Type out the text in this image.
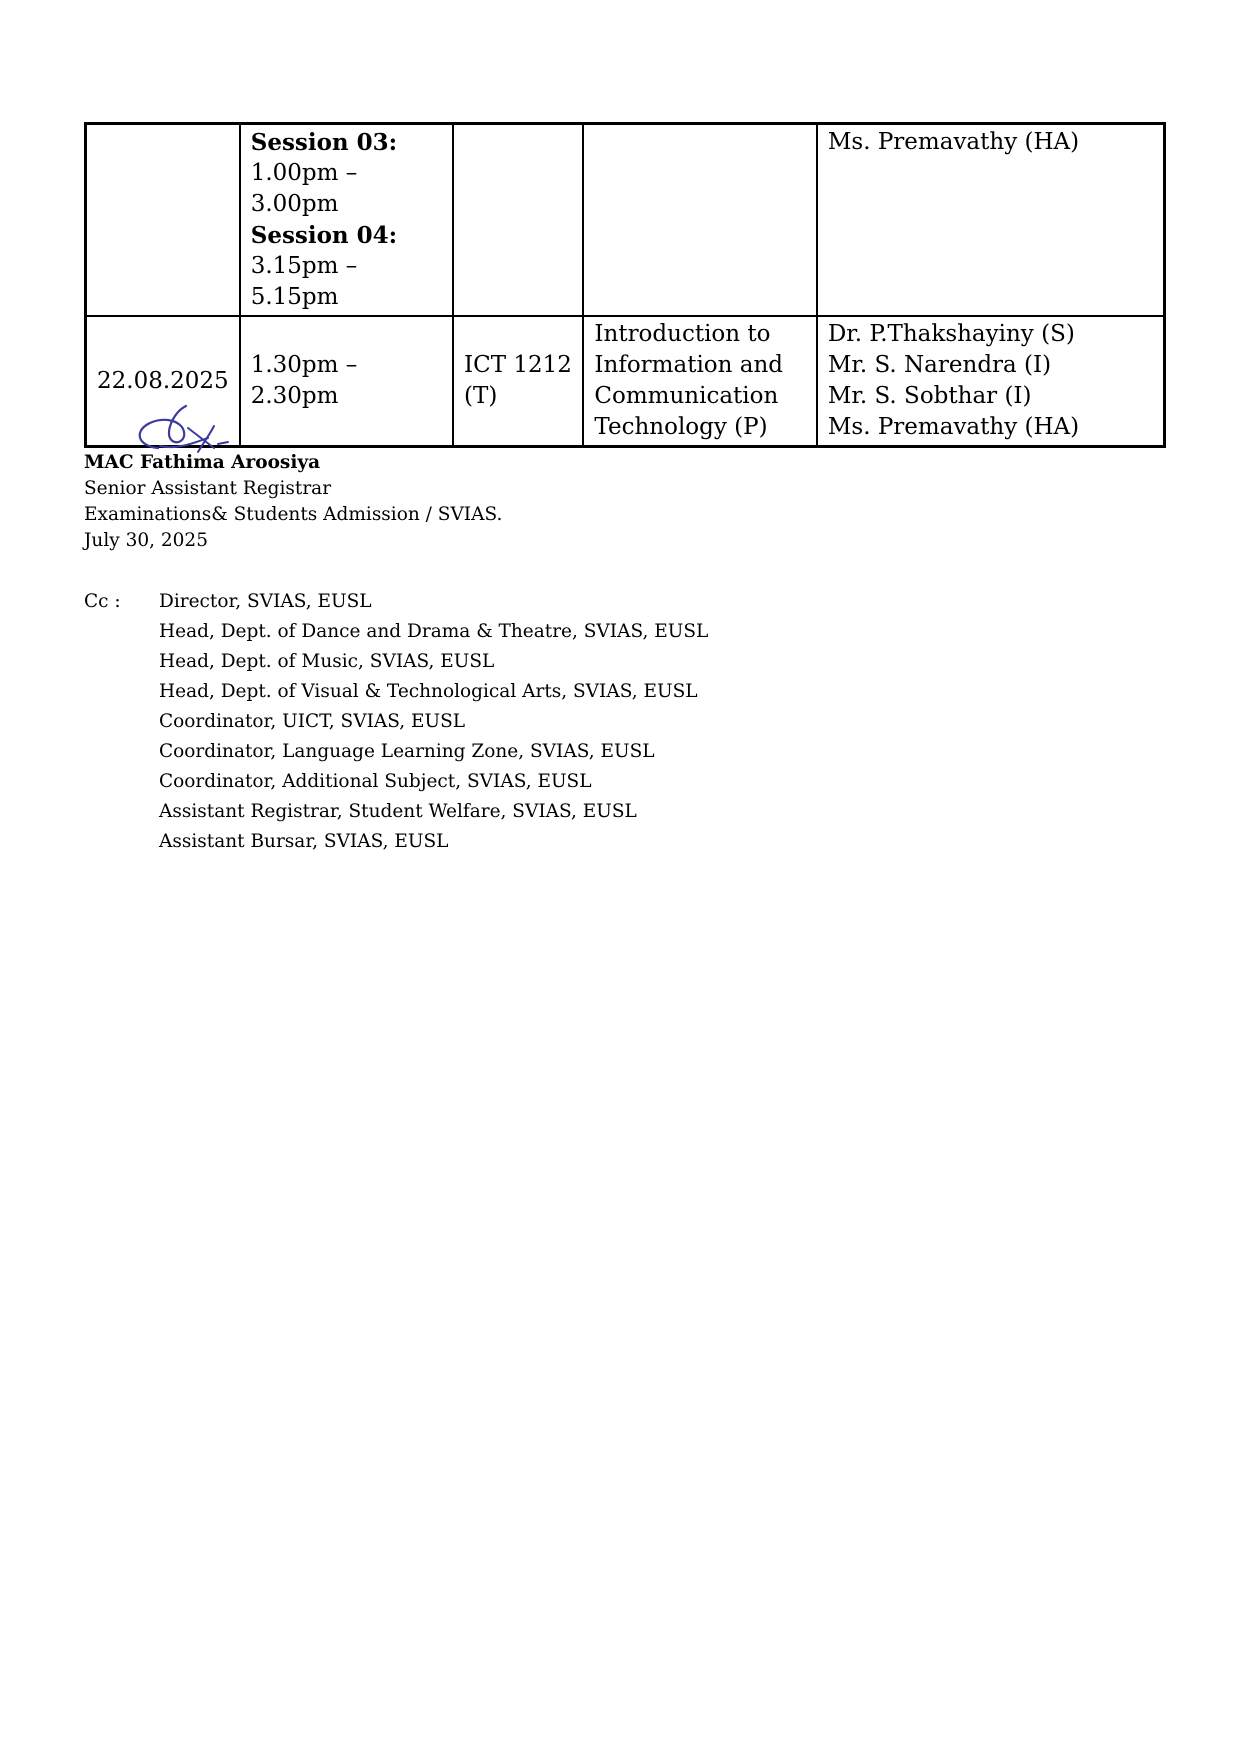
	Session 03:
1.00pm – 3.00pm
Session 04:
3.15pm – 5.15pm			Ms. Premavathy (HA)

22.08.2025	1.30pm – 2.30pm	ICT 1212 (T)	Introduction to Information and Communication Technology (P)	Dr. P.Thakshayiny (S)
Mr. S. Narendra (I)
Mr. S. Sobthar (I)
Ms. Premavathy (HA)
MAC Fathima Aroosiya
Senior Assistant Registrar
Examinations& Students Admission / SVIAS.
July 30, 2025
Cc : Director, SVIAS, EUSL
Head, Dept. of Dance and Drama & Theatre, SVIAS, EUSL
Head, Dept. of Music, SVIAS, EUSL
Head, Dept. of Visual & Technological Arts, SVIAS, EUSL
Coordinator, UICT, SVIAS, EUSL
Coordinator, Language Learning Zone, SVIAS, EUSL
Coordinator, Additional Subject, SVIAS, EUSL
Assistant Registrar, Student Welfare, SVIAS, EUSL
Assistant Bursar, SVIAS, EUSL
